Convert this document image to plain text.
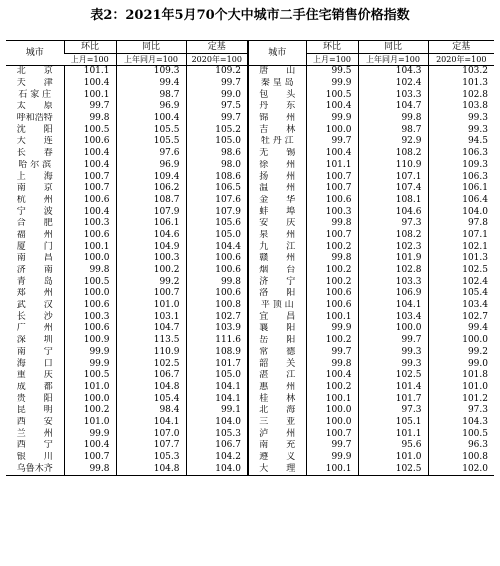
表2：2021年5月70个大中城市二手住宅销售价格指数
城市	环比	同比	定基	城市	环比	同比	定基
	上月=100	上年同月=100	2020年=100		上月=100	上年同月=100	2020年=100
北　　京	101.1	109.3	109.2	唐　　山	99.5	104.3	103.2
天　　津	100.4	99.4	99.7	秦 皇 岛	99.9	102.4	101.3
石 家 庄	100.1	98.7	99.0	包　　头	100.5	103.3	102.8
太　　原	99.7	96.9	97.5	丹　　东	100.4	104.7	103.8
呼和浩特	99.8	100.4	99.7	锦　　州	99.9	99.8	99.3
沈　　阳	100.5	105.5	105.2	吉　　林	100.0	98.7	99.3
大　　连	100.6	105.5	105.0	牡 丹 江	99.7	92.9	94.5
长　　春	100.4	97.6	98.6	无　　锡	100.4	108.2	106.3
哈 尔 滨	100.4	96.9	98.0	徐　　州	101.1	110.9	109.3
上　　海	100.7	109.4	108.6	扬　　州	100.7	107.1	106.3
南　　京	100.7	106.2	106.5	温　　州	100.7	107.4	106.1
杭　　州	100.6	108.7	107.6	金　　华	100.6	108.1	106.4
宁　　波	100.4	107.9	107.9	蚌　　埠	100.3	104.6	104.0
合　　肥	100.3	106.1	105.6	安　　庆	99.8	97.3	97.8
福　　州	100.6	104.6	105.0	泉　　州	100.7	108.2	107.1
厦　　门	100.1	104.9	104.4	九　　江	100.2	102.3	102.1
南　　昌	100.0	100.3	100.6	赣　　州	99.8	101.9	101.3
济　　南	99.8	100.2	100.6	烟　　台	100.2	102.8	102.5
青　　岛	100.5	99.2	99.8	济　　宁	100.2	103.3	102.4
郑　　州	100.0	100.7	100.6	洛　　阳	100.6	106.9	105.4
武　　汉	100.6	101.0	100.8	平 顶 山	100.6	104.1	103.4
长　　沙	100.3	103.1	102.7	宜　　昌	100.1	103.4	102.7
广　　州	100.6	104.7	103.9	襄　　阳	99.9	100.0	99.4
深　　圳	100.9	113.5	111.6	岳　　阳	100.2	99.7	100.0
南　　宁	99.9	110.9	108.9	常　　德	99.7	99.3	99.2
海　　口	99.9	102.5	101.7	韶　　关	99.8	99.3	99.0
重　　庆	100.5	106.7	105.0	湛　　江	100.4	102.5	101.8
成　　都	101.0	104.8	104.1	惠　　州	100.2	101.4	101.0
贵　　阳	100.0	105.4	104.1	桂　　林	100.1	101.7	101.2
昆　　明	100.2	98.4	99.1	北　　海	100.0	97.3	97.3
西　　安	101.0	104.1	104.0	三　　亚	100.0	105.1	104.3
兰　　州	99.9	107.0	105.3	泸　　州	100.7	101.1	100.5
西　　宁	100.4	107.7	106.7	南　　充	99.7	95.6	96.3
银　　川	100.7	105.3	104.2	遵　　义	99.9	101.0	100.8
乌鲁木齐	99.8	104.8	104.0	大　　理	100.1	102.5	102.0
